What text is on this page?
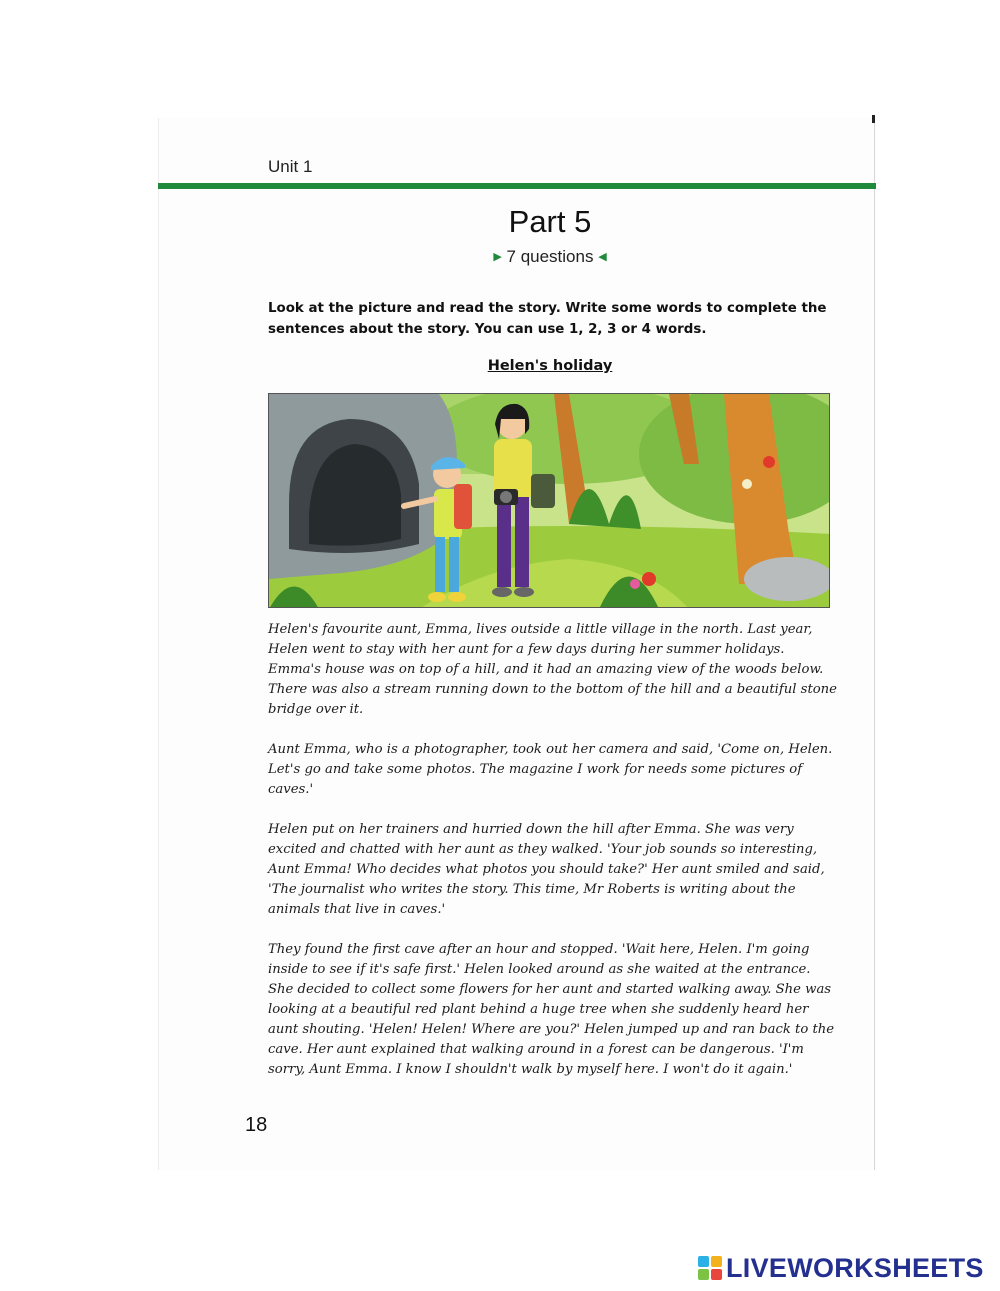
Unit 1
Part 5
▶ 7 questions ◀
Look at the picture and read the story. Write some words to complete the sentences about the story. You can use 1, 2, 3 or 4 words.
Helen's holiday

Helen's favourite aunt, Emma, lives outside a little village in the north. Last year, Helen went to stay with her aunt for a few days during her summer holidays. Emma's house was on top of a hill, and it had an amazing view of the woods below. There was also a stream running down to the bottom of the hill and a beautiful stone bridge over it.

Aunt Emma, who is a photographer, took out her camera and said, 'Come on, Helen. Let's go and take some photos. The magazine I work for needs some pictures of caves.'

Helen put on her trainers and hurried down the hill after Emma. She was very excited and chatted with her aunt as they walked. 'Your job sounds so interesting, Aunt Emma! Who decides what photos you should take?' Her aunt smiled and said, 'The journalist who writes the story. This time, Mr Roberts is writing about the animals that live in caves.'

They found the first cave after an hour and stopped. 'Wait here, Helen. I'm going inside to see if it's safe first.' Helen looked around as she waited at the entrance. She decided to collect some flowers for her aunt and started walking away. She was looking at a beautiful red plant behind a huge tree when she suddenly heard her aunt shouting. 'Helen! Helen! Where are you?' Helen jumped up and ran back to the cave. Her aunt explained that walking around in a forest can be dangerous. 'I'm sorry, Aunt Emma. I know I shouldn't walk by myself here. I won't do it again.'

18
LIVEWORKSHEETS
